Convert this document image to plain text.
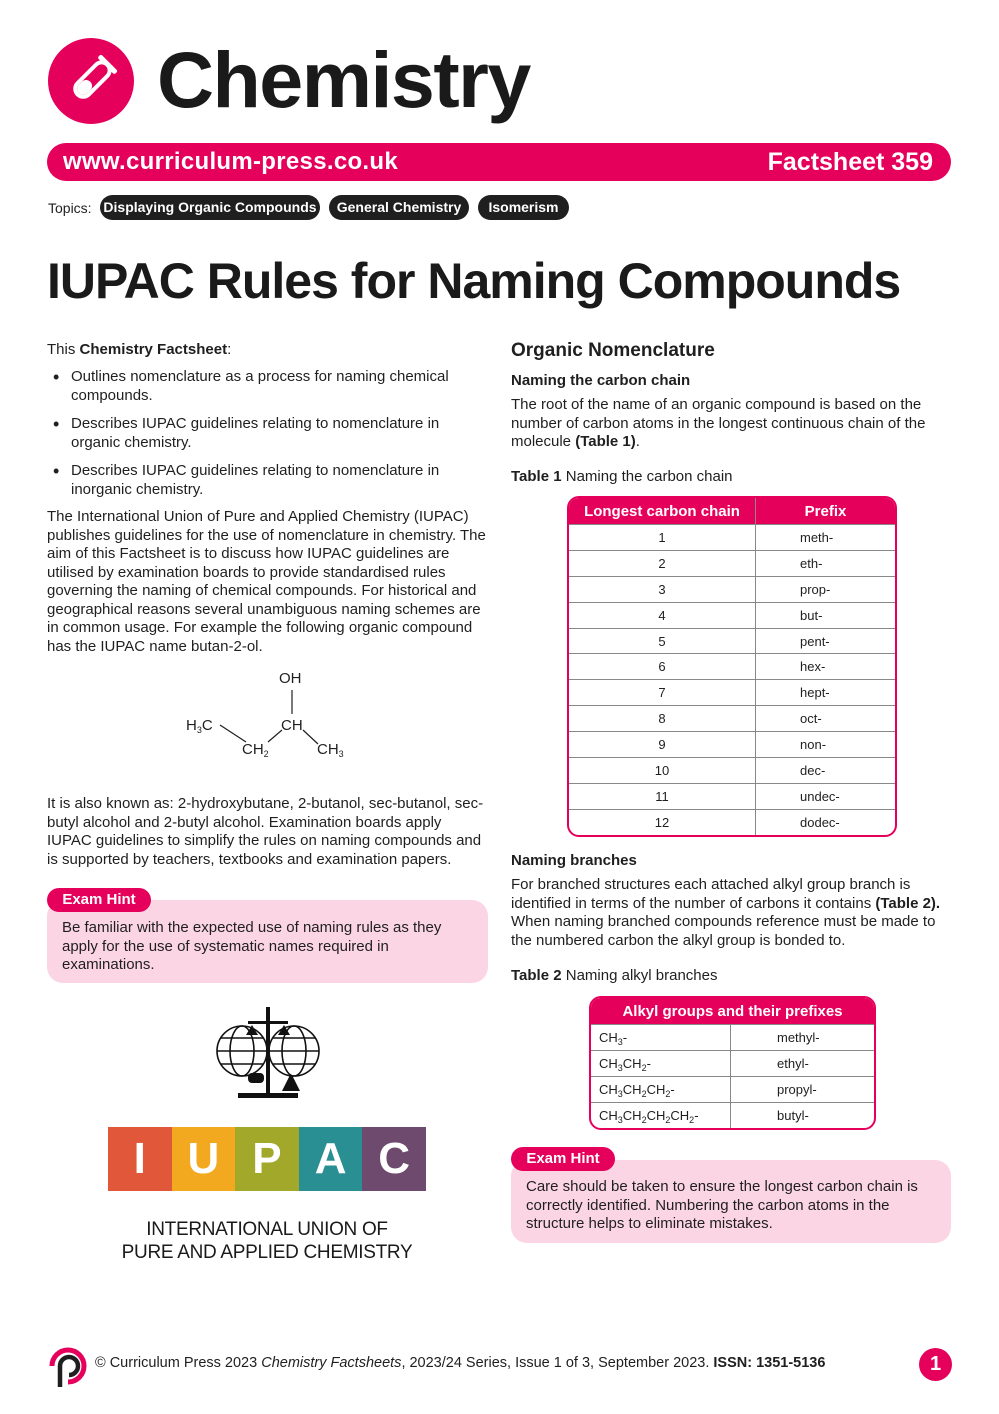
Chemistry
www.curriculum-press.co.uk	Factsheet 359
Topics: Displaying Organic Compounds	General Chemistry	Isomerism
IUPAC Rules for Naming Compounds
This Chemistry Factsheet:
• Outlines nomenclature as a process for naming chemical compounds.
• Describes IUPAC guidelines relating to nomenclature in organic chemistry.
• Describes IUPAC guidelines relating to nomenclature in inorganic chemistry.
The International Union of Pure and Applied Chemistry (IUPAC) publishes guidelines for the use of nomenclature in chemistry. The aim of this Factsheet is to discuss how IUPAC guidelines are utilised by examination boards to provide standardised rules governing the naming of chemical compounds. For historical and geographical reasons several unambiguous naming schemes are in common usage. For example the following organic compound has the IUPAC name butan-2-ol.
OH
$H_3C$	CH
$CH_2$	$CH_3$
It is also known as: 2-hydroxybutane, 2-butanol, sec-butanol, sec-butyl alcohol and 2-butyl alcohol. Examination boards apply IUPAC guidelines to simplify the rules on naming compounds and is supported by teachers, textbooks and examination papers.
Exam Hint
Be familiar with the expected use of naming rules as they apply for the use of systematic names required in examinations.
I U P A C
INTERNATIONAL UNION OF
PURE AND APPLIED CHEMISTRY
Organic Nomenclature
Naming the carbon chain
The root of the name of an organic compound is based on the number of carbon atoms in the longest continuous chain of the molecule (Table 1).
Table 1 Naming the carbon chain
Longest carbon chain	Prefix
1	meth-
2	eth-
3	prop-
4	but-
5	pent-
6	hex-
7	hept-
8	oct-
9	non-
10	dec-
11	undec-
12	dodec-
Naming branches
For branched structures each attached alkyl group branch is identified in terms of the number of carbons it contains (Table 2). When naming branched compounds reference must be made to the numbered carbon the alkyl group is bonded to.
Table 2 Naming alkyl branches
Alkyl groups and their prefixes	
$CH_3-$	methyl-
$CH_3CH_2-$	ethyl-
$CH_3CH_2CH_2-$	propyl-
$CH_3CH_2CH_2CH_2-$	butyl-
Exam Hint
Care should be taken to ensure the longest carbon chain is correctly identified. Numbering the carbon atoms in the structure helps to eliminate mistakes.
© Curriculum Press 2023 Chemistry Factsheets, 2023/24 Series, Issue 1 of 3, September 2023. ISSN: 1351-5136	1
